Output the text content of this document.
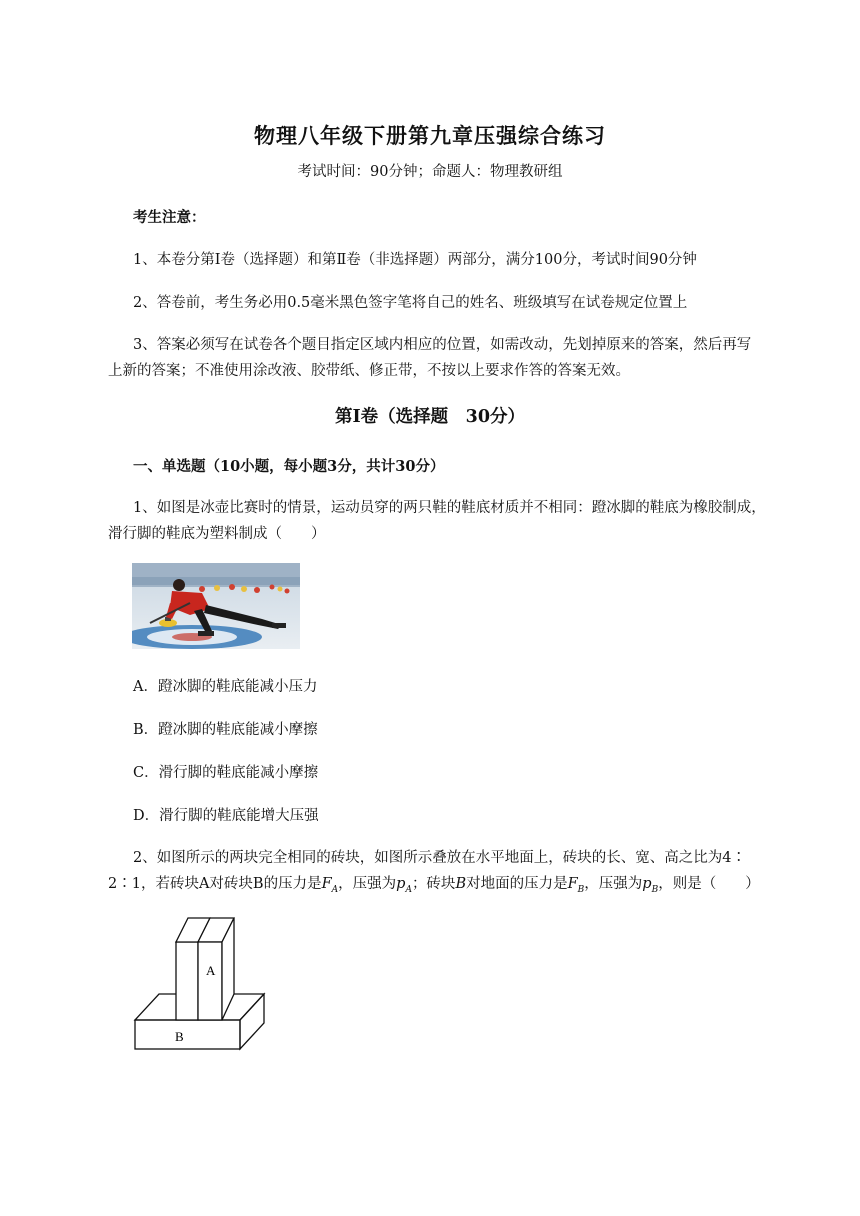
物理八年级下册第九章压强综合练习
考试时间：90分钟；命题人：物理教研组
考生注意：
1、本卷分第Ⅰ卷（选择题）和第Ⅱ卷（非选择题）两部分，满分100分，考试时间90分钟
2、答卷前，考生务必用0.5毫米黑色签字笔将自己的姓名、班级填写在试卷规定位置上
3、答案必须写在试卷各个题目指定区域内相应的位置，如需改动，先划掉原来的答案，然后再写
上新的答案；不准使用涂改液、胶带纸、修正带，不按以上要求作答的答案无效。
第Ⅰ卷（选择题　30分）
一、单选题（10小题，每小题3分，共计30分）
1、如图是冰壶比赛时的情景，运动员穿的两只鞋的鞋底材质并不相同：蹬冰脚的鞋底为橡胶制成，
滑行脚的鞋底为塑料制成（　　）
A．蹬冰脚的鞋底能减小压力
B．蹬冰脚的鞋底能减小摩擦
C．滑行脚的鞋底能减小摩擦
D．滑行脚的鞋底能增大压强
2、如图所示的两块完全相同的砖块，如图所示叠放在水平地面上，砖块的长、宽、高之比为4∶
2∶1，若砖块A对砖块B的压力是$F_A$，压强为$p_A$；砖块B对地面的压力是$F_B$，压强为$p_B$，则是（　　）
A
B
